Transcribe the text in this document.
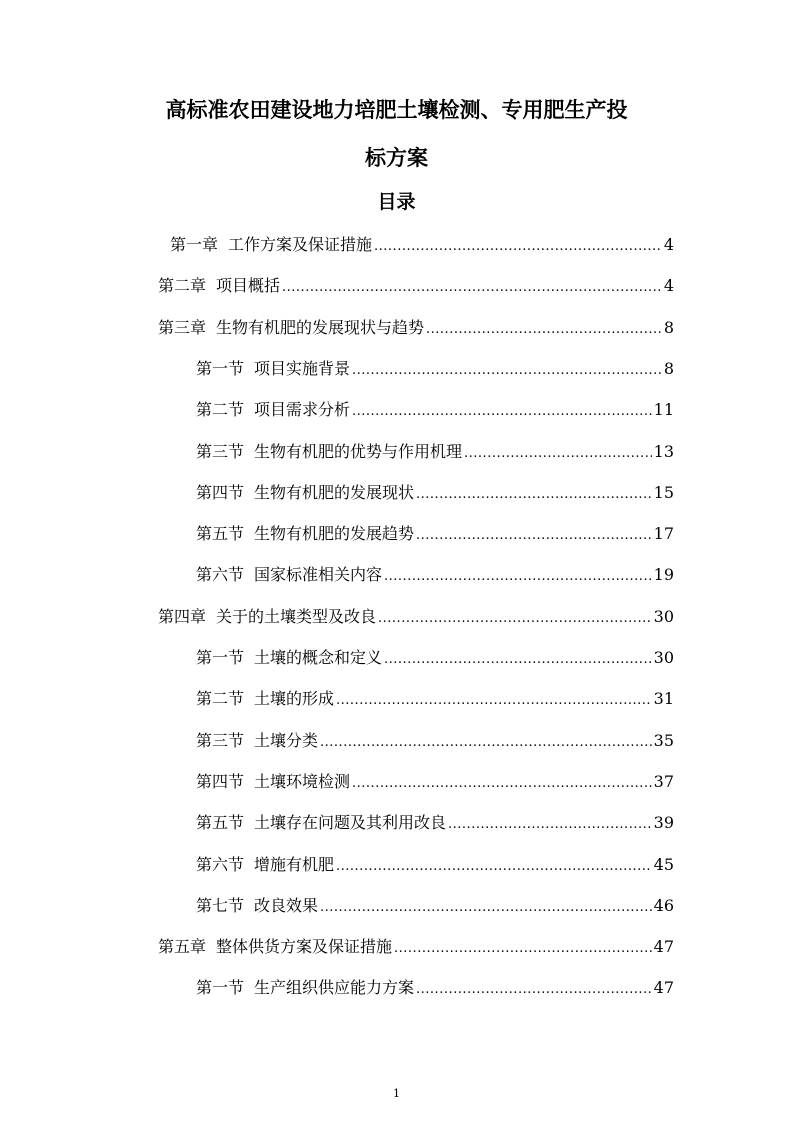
高标准农田建设地力培肥土壤检测、专用肥生产投
标方案
目录
第一章 工作方案及保证措施 .....	4
第二章 项目概括 .....	4
第三章 生物有机肥的发展现状与趋势 .....	8
第一节 项目实施背景 .....	8
第二节 项目需求分析 .....	11
第三节 生物有机肥的优势与作用机理 .....	13
第四节 生物有机肥的发展现状 .....	15
第五节 生物有机肥的发展趋势 .....	17
第六节 国家标准相关内容 .....	19
第四章 关于的土壤类型及改良 .....	30
第一节 土壤的概念和定义 .....	30
第二节 土壤的形成 .....	31
第三节 土壤分类 .....	35
第四节 土壤环境检测 .....	37
第五节 土壤存在问题及其利用改良 .....	39
第六节 增施有机肥 .....	45
第七节 改良效果 .....	46
第五章 整体供货方案及保证措施 .....	47
第一节 生产组织供应能力方案 .....	47
1
